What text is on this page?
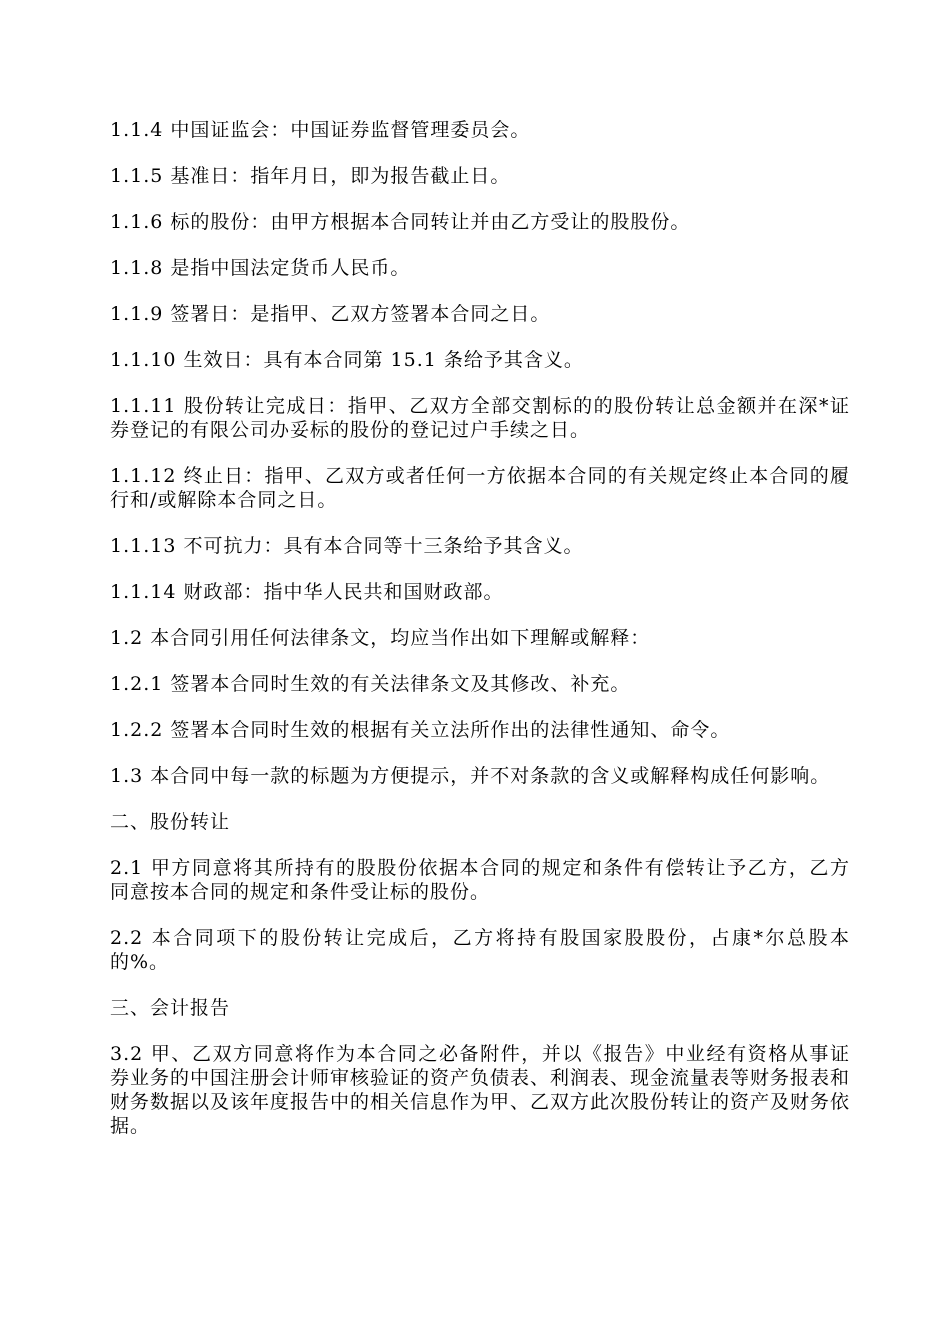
1.1.4 中国证监会：中国证券监督管理委员会。

1.1.5 基准日：指年月日，即为报告截止日。

1.1.6 标的股份：由甲方根据本合同转让并由乙方受让的股股份。

1.1.8 是指中国法定货币人民币。

1.1.9 签署日：是指甲、乙双方签署本合同之日。

1.1.10 生效日：具有本合同第 15.1 条给予其含义。

1.1.11 股份转让完成日：指甲、乙双方全部交割标的的股份转让总金额并在深*证券登记的有限公司办妥标的股份的登记过户手续之日。

1.1.12 终止日：指甲、乙双方或者任何一方依据本合同的有关规定终止本合同的履行和/或解除本合同之日。

1.1.13 不可抗力：具有本合同等十三条给予其含义。

1.1.14 财政部：指中华人民共和国财政部。

1.2 本合同引用任何法律条文，均应当作出如下理解或解释：

1.2.1 签署本合同时生效的有关法律条文及其修改、补充。

1.2.2 签署本合同时生效的根据有关立法所作出的法律性通知、命令。

1.3 本合同中每一款的标题为方便提示，并不对条款的含义或解释构成任何影响。

二、股份转让

2.1 甲方同意将其所持有的股股份依据本合同的规定和条件有偿转让予乙方，乙方同意按本合同的规定和条件受让标的股份。

2.2 本合同项下的股份转让完成后，乙方将持有股国家股股份，占康*尔总股本的%。

三、会计报告

3.2 甲、乙双方同意将作为本合同之必备附件，并以《报告》中业经有资格从事证券业务的中国注册会计师审核验证的资产负债表、利润表、现金流量表等财务报表和财务数据以及该年度报告中的相关信息作为甲、乙双方此次股份转让的资产及财务依据。
